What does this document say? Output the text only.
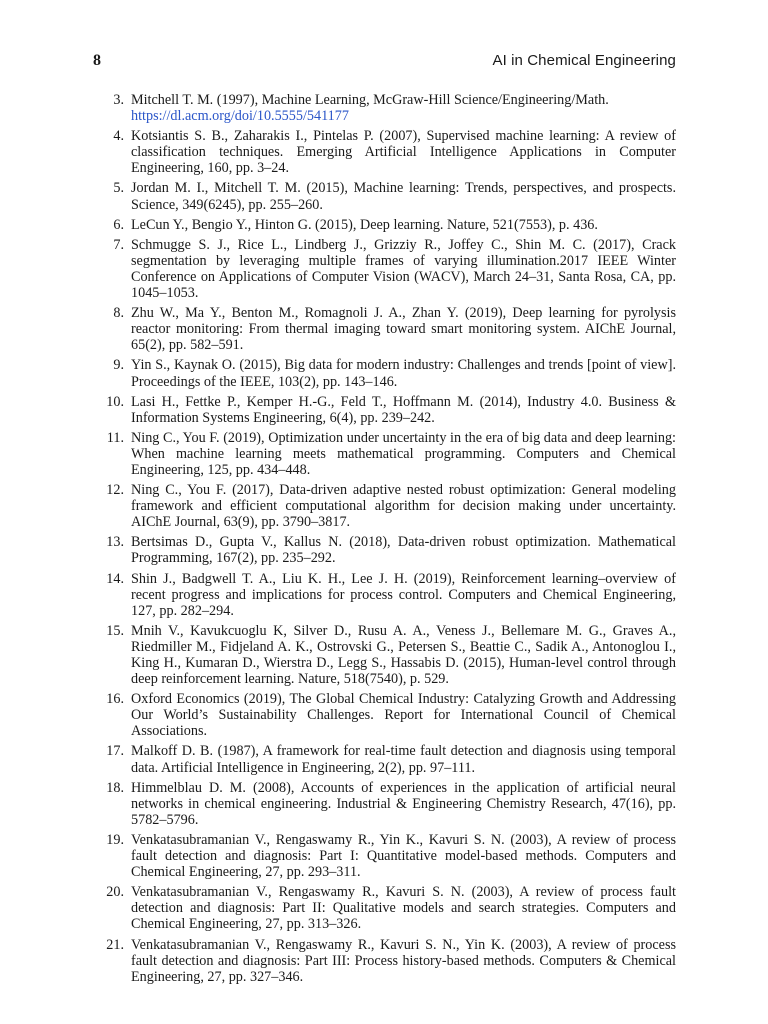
8	AI in Chemical Engineering
3. Mitchell T. M. (1997), Machine Learning, McGraw-Hill Science/Engineering/Math.
https://dl.acm.org/doi/10.5555/541177
4. Kotsiantis S. B., Zaharakis I., Pintelas P. (2007), Supervised machine learning: A review of classification techniques. Emerging Artificial Intelligence Applications in Computer Engineering, 160, pp. 3–24.
5. Jordan M. I., Mitchell T. M. (2015), Machine learning: Trends, perspectives, and prospects. Science, 349(6245), pp. 255–260.
6. LeCun Y., Bengio Y., Hinton G. (2015), Deep learning. Nature, 521(7553), p. 436.
7. Schmugge S. J., Rice L., Lindberg J., Grizziy R., Joffey C., Shin M. C. (2017), Crack segmentation by leveraging multiple frames of varying illumination.2017 IEEE Winter Conference on Applications of Computer Vision (WACV), March 24–31, Santa Rosa, CA, pp. 1045–1053.
8. Zhu W., Ma Y., Benton M., Romagnoli J. A., Zhan Y. (2019), Deep learning for pyrolysis reactor monitoring: From thermal imaging toward smart monitoring system. AIChE Journal, 65(2), pp. 582–591.
9. Yin S., Kaynak O. (2015), Big data for modern industry: Challenges and trends [point of view]. Proceedings of the IEEE, 103(2), pp. 143–146.
10. Lasi H., Fettke P., Kemper H.-G., Feld T., Hoffmann M. (2014), Industry 4.0. Business & Information Systems Engineering, 6(4), pp. 239–242.
11. Ning C., You F. (2019), Optimization under uncertainty in the era of big data and deep learning: When machine learning meets mathematical programming. Computers and Chemical Engineering, 125, pp. 434–448.
12. Ning C., You F. (2017), Data-driven adaptive nested robust optimization: General modeling framework and efficient computational algorithm for decision making under uncertainty. AIChE Journal, 63(9), pp. 3790–3817.
13. Bertsimas D., Gupta V., Kallus N. (2018), Data-driven robust optimization. Mathematical Programming, 167(2), pp. 235–292.
14. Shin J., Badgwell T. A., Liu K. H., Lee J. H. (2019), Reinforcement learning–overview of recent progress and implications for process control. Computers and Chemical Engineering, 127, pp. 282–294.
15. Mnih V., Kavukcuoglu K, Silver D., Rusu A. A., Veness J., Bellemare M. G., Graves A., Riedmiller M., Fidjeland A. K., Ostrovski G., Petersen S., Beattie C., Sadik A., Antonoglou I., King H., Kumaran D., Wierstra D., Legg S., Hassabis D. (2015), Human-level control through deep reinforcement learning. Nature, 518(7540), p. 529.
16. Oxford Economics (2019), The Global Chemical Industry: Catalyzing Growth and Addressing Our World’s Sustainability Challenges. Report for International Council of Chemical Associations.
17. Malkoff D. B. (1987), A framework for real-time fault detection and diagnosis using temporal data. Artificial Intelligence in Engineering, 2(2), pp. 97–111.
18. Himmelblau D. M. (2008), Accounts of experiences in the application of artificial neural networks in chemical engineering. Industrial & Engineering Chemistry Research, 47(16), pp. 5782–5796.
19. Venkatasubramanian V., Rengaswamy R., Yin K., Kavuri S. N. (2003), A review of process fault detection and diagnosis: Part I: Quantitative model-based methods. Computers and Chemical Engineering, 27, pp. 293–311.
20. Venkatasubramanian V., Rengaswamy R., Kavuri S. N. (2003), A review of process fault detection and diagnosis: Part II: Qualitative models and search strategies. Computers and Chemical Engineering, 27, pp. 313–326.
21. Venkatasubramanian V., Rengaswamy R., Kavuri S. N., Yin K. (2003), A review of process fault detection and diagnosis: Part III: Process history-based methods. Computers & Chemical Engineering, 27, pp. 327–346.
